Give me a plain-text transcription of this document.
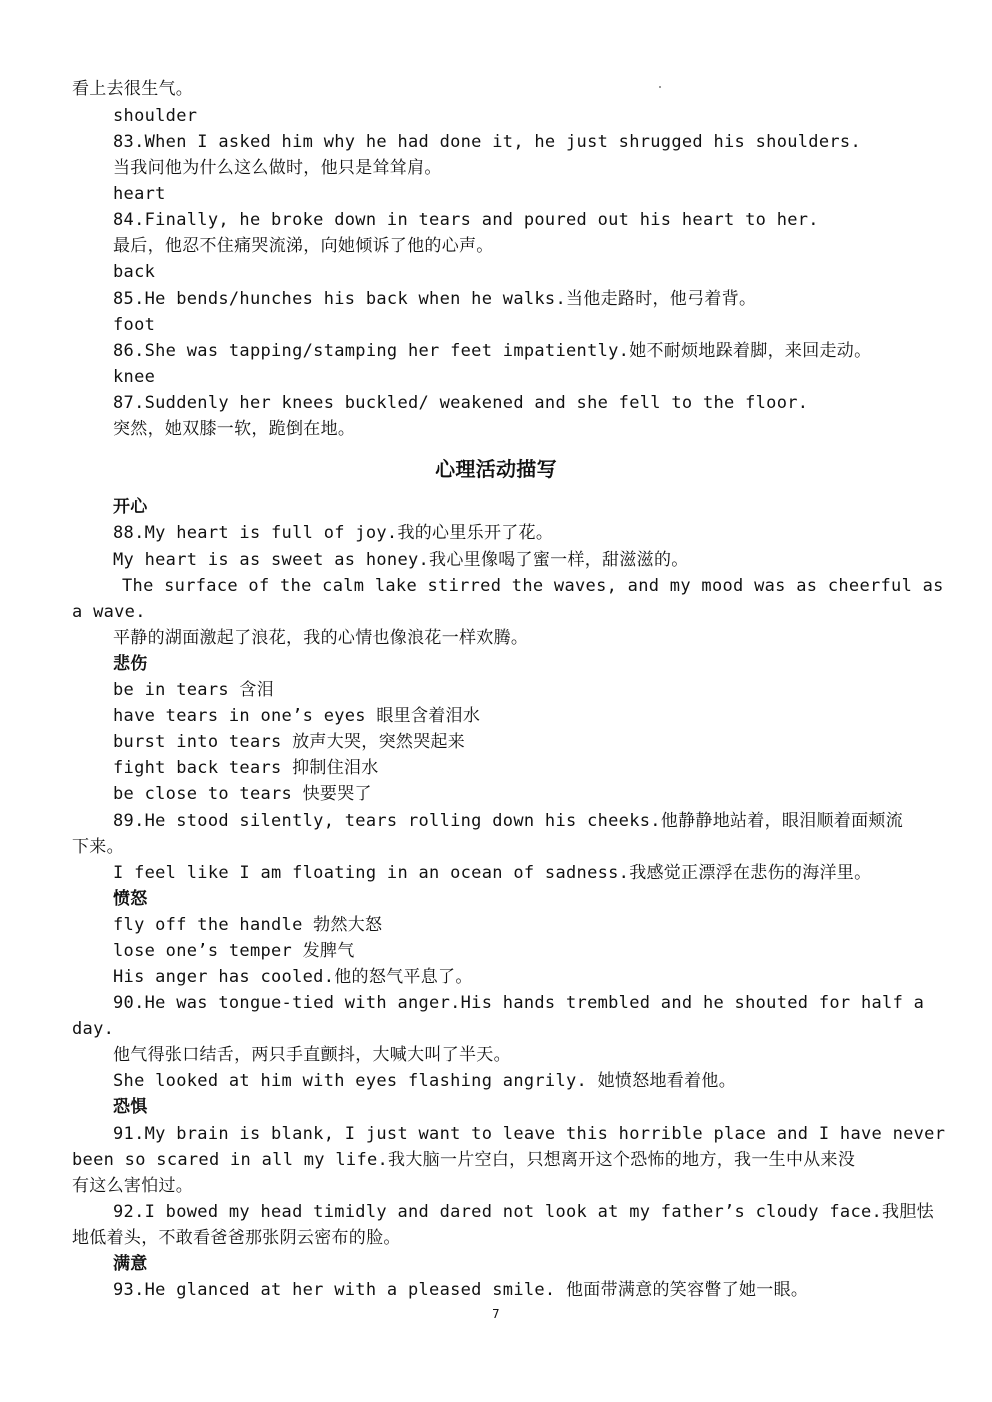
看上去很生气。
shoulder
83.When I asked him why he had done it, he just shrugged his shoulders.
当我问他为什么这么做时，他只是耸耸肩。
heart
84.Finally, he broke down in tears and poured out his heart to her.
最后，他忍不住痛哭流涕，向她倾诉了他的心声。
back
85.He bends/hunches his back when he walks.当他走路时，他弓着背。
foot
86.She was tapping/stamping her feet impatiently.她不耐烦地跺着脚，来回走动。
knee
87.Suddenly her knees buckled/ weakened and she fell to the floor.
突然，她双膝一软，跪倒在地。
心理活动描写
开心
88.My heart is full of joy.我的心里乐开了花。
My heart is as sweet as honey.我心里像喝了蜜一样，甜滋滋的。
The surface of the calm lake stirred the waves, and my mood was as cheerful as
a wave.
平静的湖面激起了浪花，我的心情也像浪花一样欢腾。
悲伤
be in tears 含泪
have tears in one’s eyes 眼里含着泪水
burst into tears 放声大哭，突然哭起来
fight back tears 抑制住泪水
be close to tears 快要哭了
89.He stood silently, tears rolling down his cheeks.他静静地站着，眼泪顺着面颊流
下来。
I feel like I am floating in an ocean of sadness.我感觉正漂浮在悲伤的海洋里。
愤怒
fly off the handle 勃然大怒
lose one’s temper 发脾气
His anger has cooled.他的怒气平息了。
90.He was tongue-tied with anger.His hands trembled and he shouted for half a
day.
他气得张口结舌，两只手直颤抖，大喊大叫了半天。
She looked at him with eyes flashing angrily. 她愤怒地看着他。
恐惧
91.My brain is blank, I just want to leave this horrible place and I have never
been so scared in all my life.我大脑一片空白，只想离开这个恐怖的地方，我一生中从来没
有这么害怕过。
92.I bowed my head timidly and dared not look at my father’s cloudy face.我胆怯
地低着头，不敢看爸爸那张阴云密布的脸。
满意
93.He glanced at her with a pleased smile. 他面带满意的笑容瞥了她一眼。
7
